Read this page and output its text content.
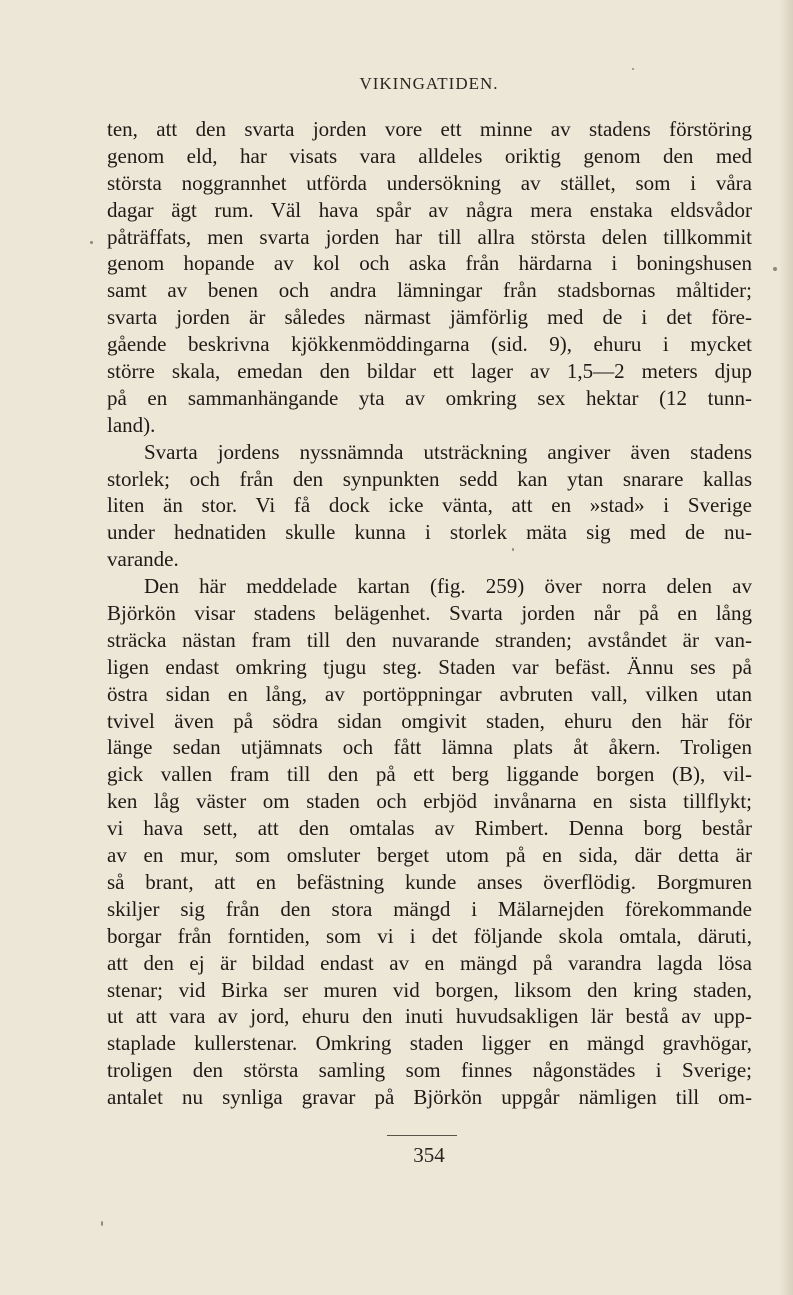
VIKINGATIDEN.
ten, att den svarta jorden vore ett minne av stadens förstöring
genom eld, har visats vara alldeles oriktig genom den med
största noggrannhet utförda undersökning av stället, som i våra
dagar ägt rum. Väl hava spår av några mera enstaka eldsvådor
påträffats, men svarta jorden har till allra största delen tillkommit
genom hopande av kol och aska från härdarna i boningshusen
samt av benen och andra lämningar från stadsbornas måltider;
svarta jorden är således närmast jämförlig med de i det före-
gående beskrivna kjökkenmöddingarna (sid. 9), ehuru i mycket
större skala, emedan den bildar ett lager av 1,5—2 meters djup
på en sammanhängande yta av omkring sex hektar (12 tunn-
land).
Svarta jordens nyssnämnda utsträckning angiver även stadens
storlek; och från den synpunkten sedd kan ytan snarare kallas
liten än stor. Vi få dock icke vänta, att en »stad» i Sverige
under hednatiden skulle kunna i storlek mäta sig med de nu-
varande.
Den här meddelade kartan (fig. 259) över norra delen av
Björkön visar stadens belägenhet. Svarta jorden når på en lång
sträcka nästan fram till den nuvarande stranden; avståndet är van-
ligen endast omkring tjugu steg. Staden var befäst. Ännu ses på
östra sidan en lång, av portöppningar avbruten vall, vilken utan
tvivel även på södra sidan omgivit staden, ehuru den här för
länge sedan utjämnats och fått lämna plats åt åkern. Troligen
gick vallen fram till den på ett berg liggande borgen (B), vil-
ken låg väster om staden och erbjöd invånarna en sista tillflykt;
vi hava sett, att den omtalas av Rimbert. Denna borg består
av en mur, som omsluter berget utom på en sida, där detta är
så brant, att en befästning kunde anses överflödig. Borgmuren
skiljer sig från den stora mängd i Mälarnejden förekommande
borgar från forntiden, som vi i det följande skola omtala, däruti,
att den ej är bildad endast av en mängd på varandra lagda lösa
stenar; vid Birka ser muren vid borgen, liksom den kring staden,
ut att vara av jord, ehuru den inuti huvudsakligen lär bestå av upp-
staplade kullerstenar. Omkring staden ligger en mängd gravhögar,
troligen den största samling som finnes någonstädes i Sverige;
antalet nu synliga gravar på Björkön uppgår nämligen till om-
354
